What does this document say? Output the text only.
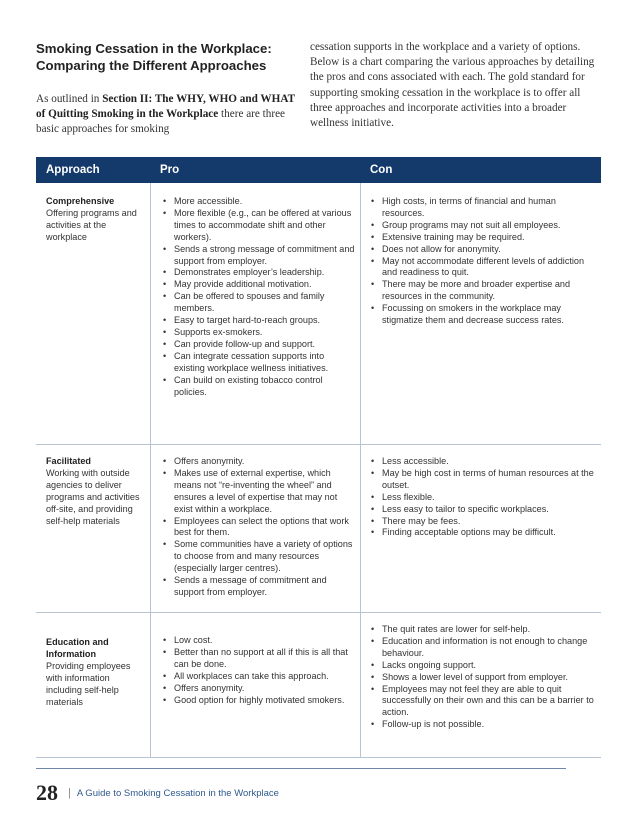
Smoking Cessation in the Workplace:
Comparing the Different Approaches

As outlined in Section II: The WHY, WHO and WHAT of Quitting Smoking in the Workplace there are three basic approaches for smoking

cessation supports in the workplace and a variety of options. Below is a chart comparing the various approaches by detailing the pros and cons associated with each. The gold standard for supporting smoking cessation in the workplace is to offer all three approaches and incorporate activities into a broader wellness initiative.

Approach	Pro	Con
Comprehensive
Offering programs and activities at the workplace
• More accessible.
• More flexible (e.g., can be offered at various times to accommodate shift and other workers).
• Sends a strong message of commitment and support from employer.
• Demonstrates employer’s leadership.
• May provide additional motivation.
• Can be offered to spouses and family members.
• Easy to target hard-to-reach groups.
• Supports ex-smokers.
• Can provide follow-up and support.
• Can integrate cessation supports into existing workplace wellness initiatives.
• Can build on existing tobacco control policies.
• High costs, in terms of financial and human resources.
• Group programs may not suit all employees.
• Extensive training may be required.
• Does not allow for anonymity.
• May not accommodate different levels of addiction and readiness to quit.
• There may be more and broader expertise and resources in the community.
• Focussing on smokers in the workplace may stigmatize them and decrease success rates.
Facilitated
Working with outside agencies to deliver programs and activities off-site, and providing self-help materials
• Offers anonymity.
• Makes use of external expertise, which means not “re-inventing the wheel” and ensures a level of expertise that may not exist within a workplace.
• Employees can select the options that work best for them.
• Some communities have a variety of options to choose from and many resources (especially larger centres).
• Sends a message of commitment and support from employer.
• Less accessible.
• May be high cost in terms of human resources at the outset.
• Less flexible.
• Less easy to tailor to specific workplaces.
• There may be fees.
• Finding acceptable options may be difficult.
Education and Information
Providing employees with information including self-help materials
• Low cost.
• Better than no support at all if this is all that can be done.
• All workplaces can take this approach.
• Offers anonymity.
• Good option for highly motivated smokers.
• The quit rates are lower for self-help.
• Education and information is not enough to change behaviour.
• Lacks ongoing support.
• Shows a lower level of support from employer.
• Employees may not feel they are able to quit successfully on their own and this can be a barrier to action.
• Follow-up is not possible.
28 | A Guide to Smoking Cessation in the Workplace
